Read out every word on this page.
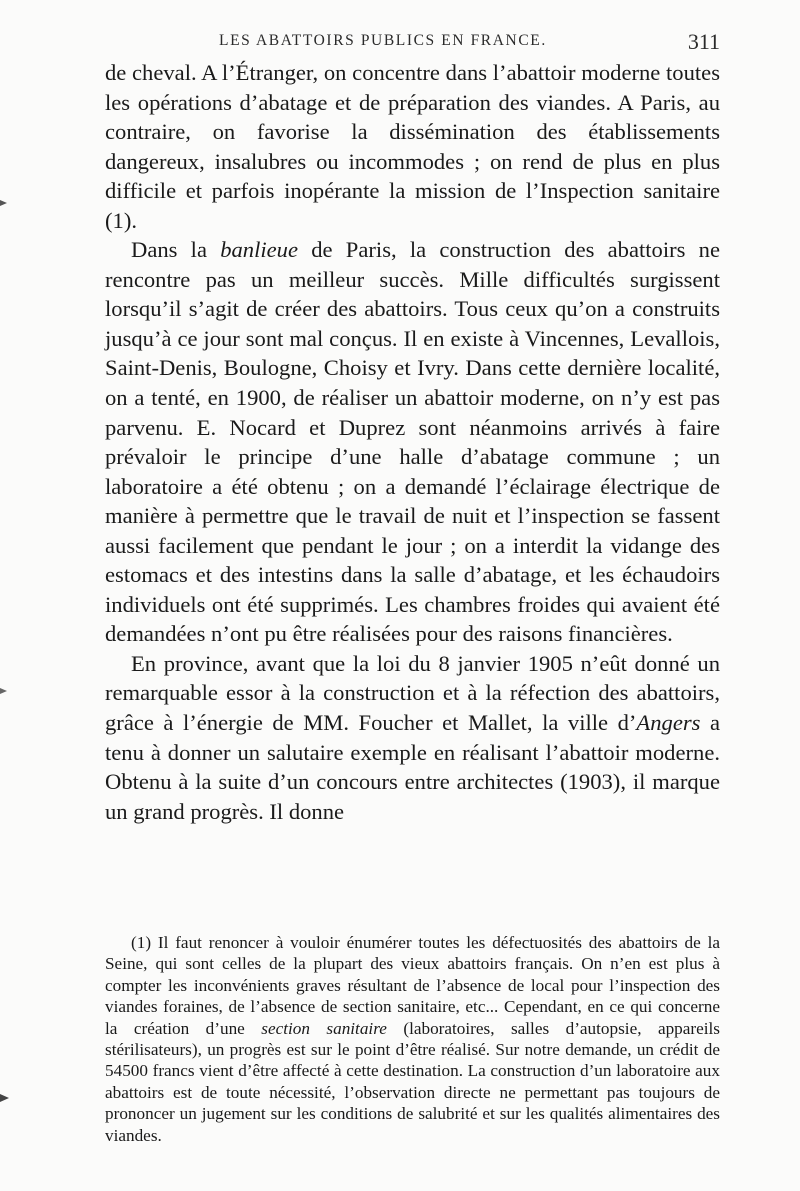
LES ABATTOIRS PUBLICS EN FRANCE.	311

de cheval. A l’Étranger, on concentre dans l’abattoir moderne toutes les opérations d’abatage et de préparation des viandes. A Paris, au contraire, on favorise la dissémination des établissements dangereux, insalubres ou incommodes ; on rend de plus en plus difficile et parfois inopérante la mission de l’Inspection sanitaire (1).

Dans la banlieue de Paris, la construction des abattoirs ne rencontre pas un meilleur succès. Mille difficultés surgissent lorsqu’il s’agit de créer des abattoirs. Tous ceux qu’on a construits jusqu’à ce jour sont mal conçus. Il en existe à Vincennes, Levallois, Saint-Denis, Boulogne, Choisy et Ivry. Dans cette dernière localité, on a tenté, en 1900, de réaliser un abattoir moderne, on n’y est pas parvenu. E. Nocard et Duprez sont néanmoins arrivés à faire prévaloir le principe d’une halle d’abatage commune ; un laboratoire a été obtenu ; on a demandé l’éclairage électrique de manière à permettre que le travail de nuit et l’inspection se fassent aussi facilement que pendant le jour ; on a interdit la vidange des estomacs et des intestins dans la salle d’abatage, et les échaudoirs individuels ont été supprimés. Les chambres froides qui avaient été demandées n’ont pu être réalisées pour des raisons financières.

En province, avant que la loi du 8 janvier 1905 n’eût donné un remarquable essor à la construction et à la réfection des abattoirs, grâce à l’énergie de MM. Foucher et Mallet, la ville d’Angers a tenu à donner un salutaire exemple en réalisant l’abattoir moderne. Obtenu à la suite d’un concours entre architectes (1903), il marque un grand progrès. Il donne

(1) Il faut renoncer à vouloir énumérer toutes les défectuosités des abattoirs de la Seine, qui sont celles de la plupart des vieux abattoirs français. On n’en est plus à compter les inconvénients graves résultant de l’absence de local pour l’inspection des viandes foraines, de l’absence de section sanitaire, etc... Cependant, en ce qui concerne la création d’une section sanitaire (laboratoires, salles d’autopsie, appareils stérilisateurs), un progrès est sur le point d’être réalisé. Sur notre demande, un crédit de 54500 francs vient d’être affecté à cette destination. La construction d’un laboratoire aux abattoirs est de toute nécessité, l’observation directe ne permettant pas toujours de prononcer un jugement sur les conditions de salubrité et sur les qualités alimentaires des viandes.
